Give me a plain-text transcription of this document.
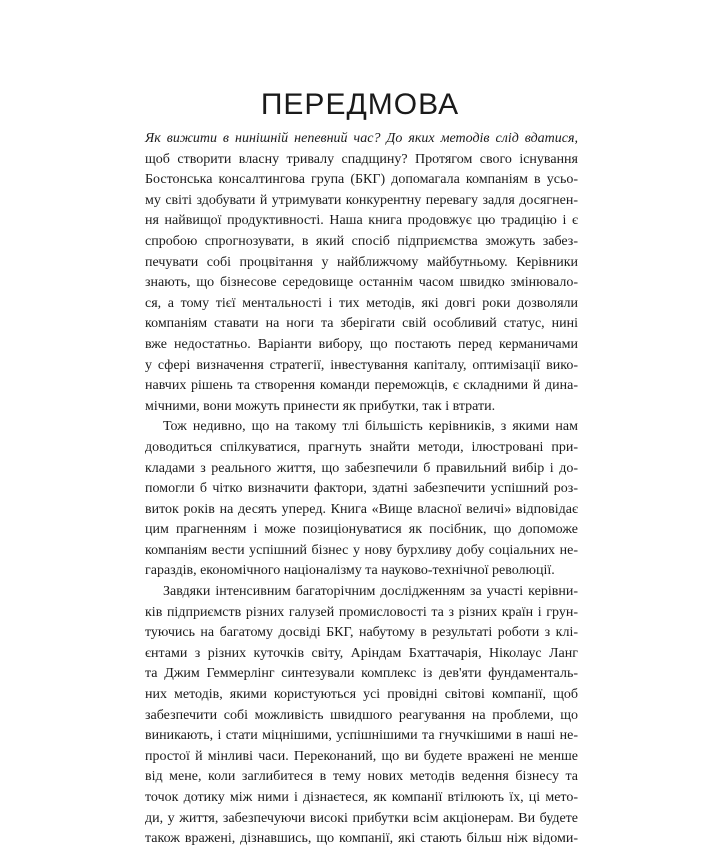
ПЕРЕДМОВА
Як вижити в нинішній непевний час? До яких методів слід вдатися,
щоб створити власну тривалу спадщину? Протягом свого існування
Бостонська консалтингова група (БКГ) допомагала компаніям в усьо-
му світі здобувати й утримувати конкурентну перевагу задля досягнен-
ня найвищої продуктивності. Наша книга продовжує цю традицію і є
спробою спрогнозувати, в який спосіб підприємства зможуть забез-
печувати собі процвітання у найближчому майбутньому. Керівники
знають, що бізнесове середовище останнім часом швидко змінювало-
ся, а тому тієї ментальності і тих методів, які довгі роки дозволяли
компаніям ставати на ноги та зберігати свій особливий статус, нині
вже недостатньо. Варіанти вибору, що постають перед керманичами
у сфері визначення стратегії, інвестування капіталу, оптимізації вико-
навчих рішень та створення команди переможців, є складними й дина-
мічними, вони можуть принести як прибутки, так і втрати.
Тож недивно, що на такому тлі більшість керівників, з якими нам
доводиться спілкуватися, прагнуть знайти методи, ілюстровані при-
кладами з реального життя, що забезпечили б правильний вибір і до-
помогли б чітко визначити фактори, здатні забезпечити успішний роз-
виток років на десять уперед. Книга «Вище власної величі» відповідає
цим прагненням і може позиціонуватися як посібник, що допоможе
компаніям вести успішний бізнес у нову бурхливу добу соціальних не-
гараздів, економічного націоналізму та науково-технічної революції.
Завдяки інтенсивним багаторічним дослідженням за участі керівни-
ків підприємств різних галузей промисловості та з різних країн і грун-
туючись на багатому досвіді БКГ, набутому в результаті роботи з клі-
єнтами з різних куточків світу, Аріндам Бхаттачарія, Ніколаус Ланг
та Джим Геммерлінг синтезували комплекс із дев'яти фундаменталь-
них методів, якими користуються усі провідні світові компанії, щоб
забезпечити собі можливість швидшого реагування на проблеми, що
виникають, і стати міцнішими, успішнішими та гнучкішими в наші не-
простої й мінливі часи. Переконаний, що ви будете вражені не менше
від мене, коли заглибитеся в тему нових методів ведення бізнесу та
точок дотику між ними і дізнаєтеся, як компанії втілюють їх, ці мето-
ди, у життя, забезпечуючи високі прибутки всім акціонерам. Ви будете
також вражені, дізнавшись, що компанії, які стають більш ніж відоми-
